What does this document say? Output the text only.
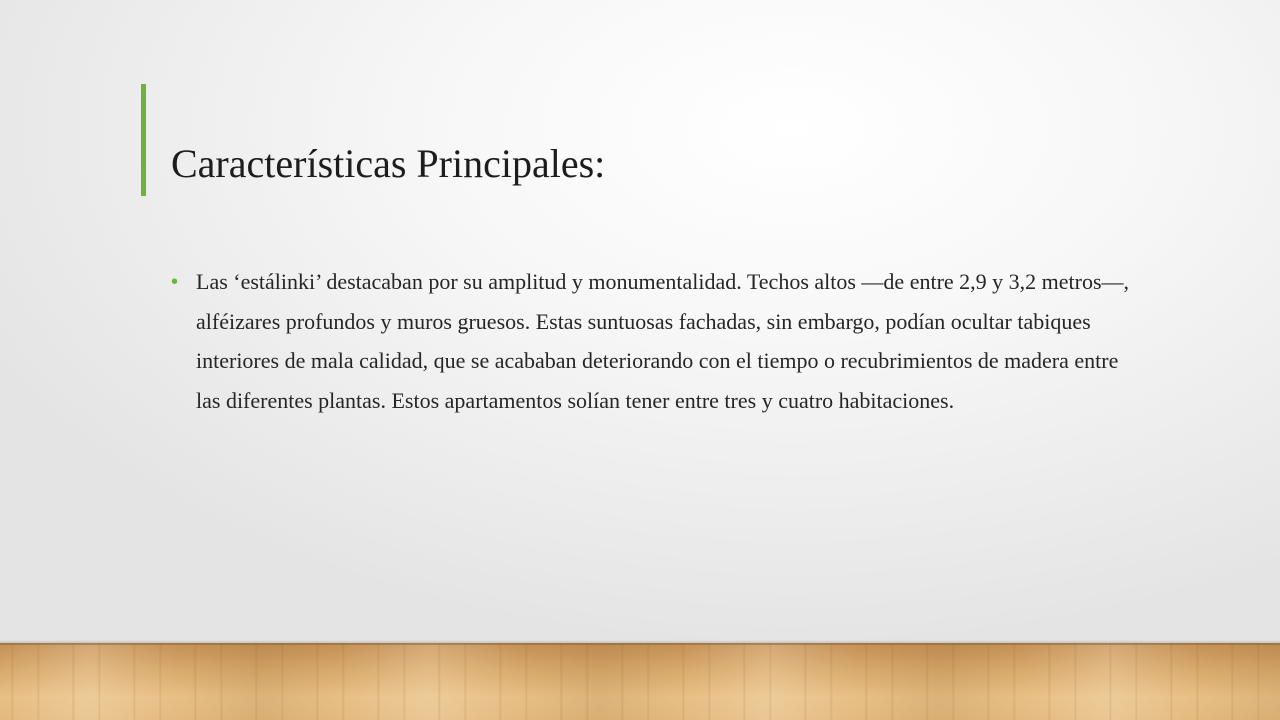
Características Principales:
• Las ‘estálinki’ destacaban por su amplitud y monumentalidad. Techos altos —de entre 2,9 y 3,2 metros—, alféizares profundos y muros gruesos. Estas suntuosas fachadas, sin embargo, podían ocultar tabiques interiores de mala calidad, que se acababan deteriorando con el tiempo o recubrimientos de madera entre las diferentes plantas. Estos apartamentos solían tener entre tres y cuatro habitaciones.
